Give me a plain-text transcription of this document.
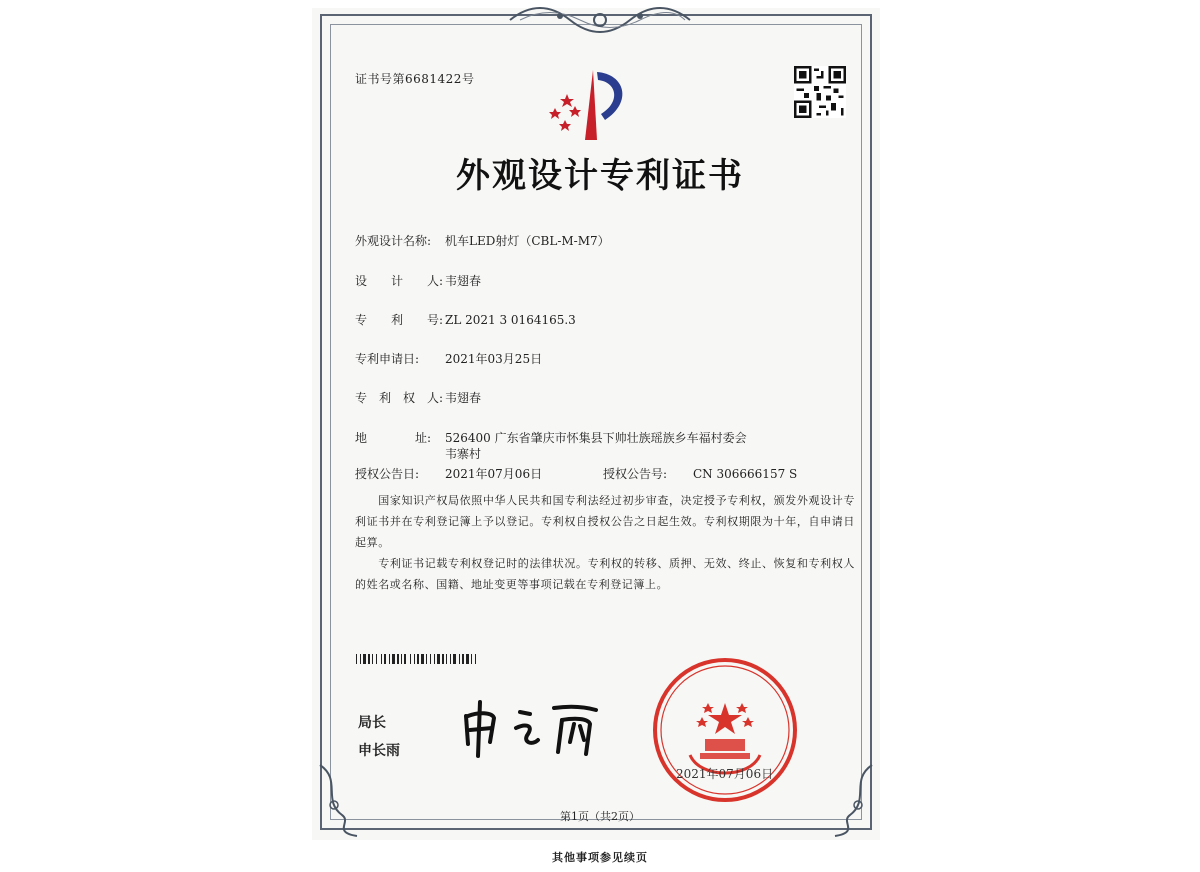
证书号第6681422号
外观设计专利证书
外观设计名称: 机车LED射灯（CBL-M-M7）
设　　计　　人: 韦翅春
专　　利　　号: ZL 2021 3 0164165.3
专利申请日: 2021年03月25日
专　利　权　人: 韦翅春
地　　　　址: 526400 广东省肇庆市怀集县下帅壮族瑶族乡车福村委会
韦寨村
授权公告日: 2021年07月06日	授权公告号: CN 306666157 S
　　国家知识产权局依照中华人民共和国专利法经过初步审查，决定授予专利权，颁发外观设计专利证书并在专利登记簿上予以登记。专利权自授权公告之日起生效。专利权期限为十年，自申请日起算。
　　专利证书记载专利权登记时的法律状况。专利权的转移、质押、无效、终止、恢复和专利权人的姓名或名称、国籍、地址变更等事项记载在专利登记簿上。
局长
申长雨
2021年07月06日
第1页（共2页）
其他事项参见续页
